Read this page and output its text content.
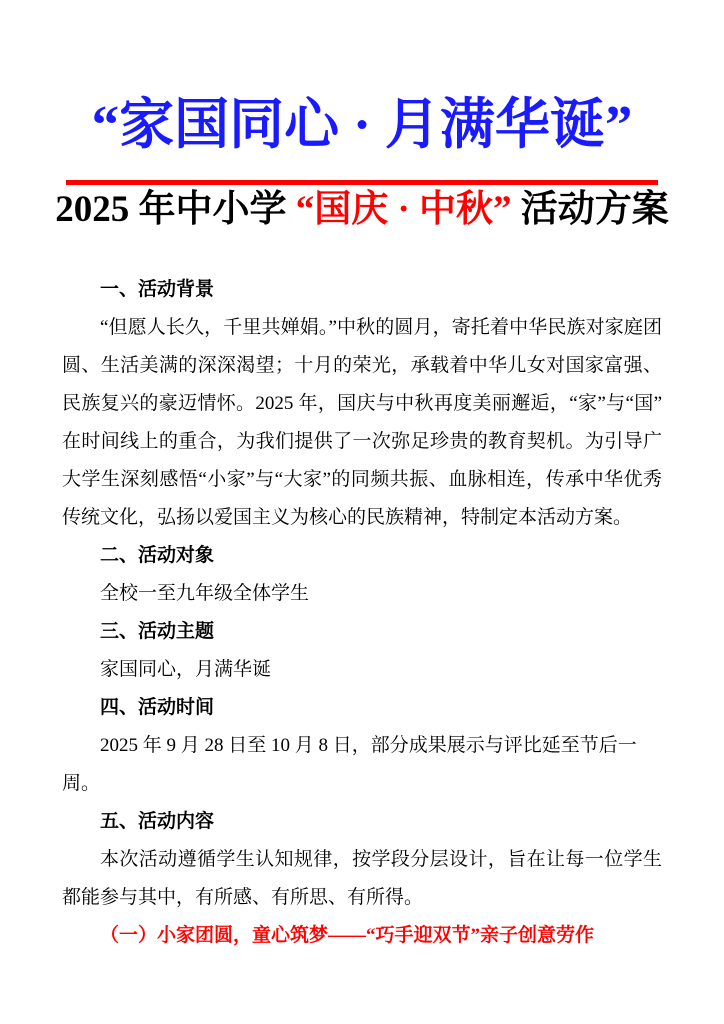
“家国同心 · 月满华诞”
2025 年中小学 “国庆 · 中秋” 活动方案
一、活动背景

“但愿人长久，千里共婵娟。”中秋的圆月，寄托着中华民族对家庭团圆、生活美满的深深渴望；十月的荣光，承载着中华儿女对国家富强、民族复兴的豪迈情怀。2025 年，国庆与中秋再度美丽邂逅，“家”与“国”在时间线上的重合，为我们提供了一次弥足珍贵的教育契机。为引导广大学生深刻感悟“小家”与“大家”的同频共振、血脉相连，传承中华优秀传统文化，弘扬以爱国主义为核心的民族精神，特制定本活动方案。

二、活动对象

全校一至九年级全体学生

三、活动主题

家国同心，月满华诞

四、活动时间

2025 年 9 月 28 日至 10 月 8 日，部分成果展示与评比延至节后一周。

五、活动内容

本次活动遵循学生认知规律，按学段分层设计，旨在让每一位学生都能参与其中，有所感、有所思、有所得。

（一）小家团圆，童心筑梦——“巧手迎双节”亲子创意劳作
